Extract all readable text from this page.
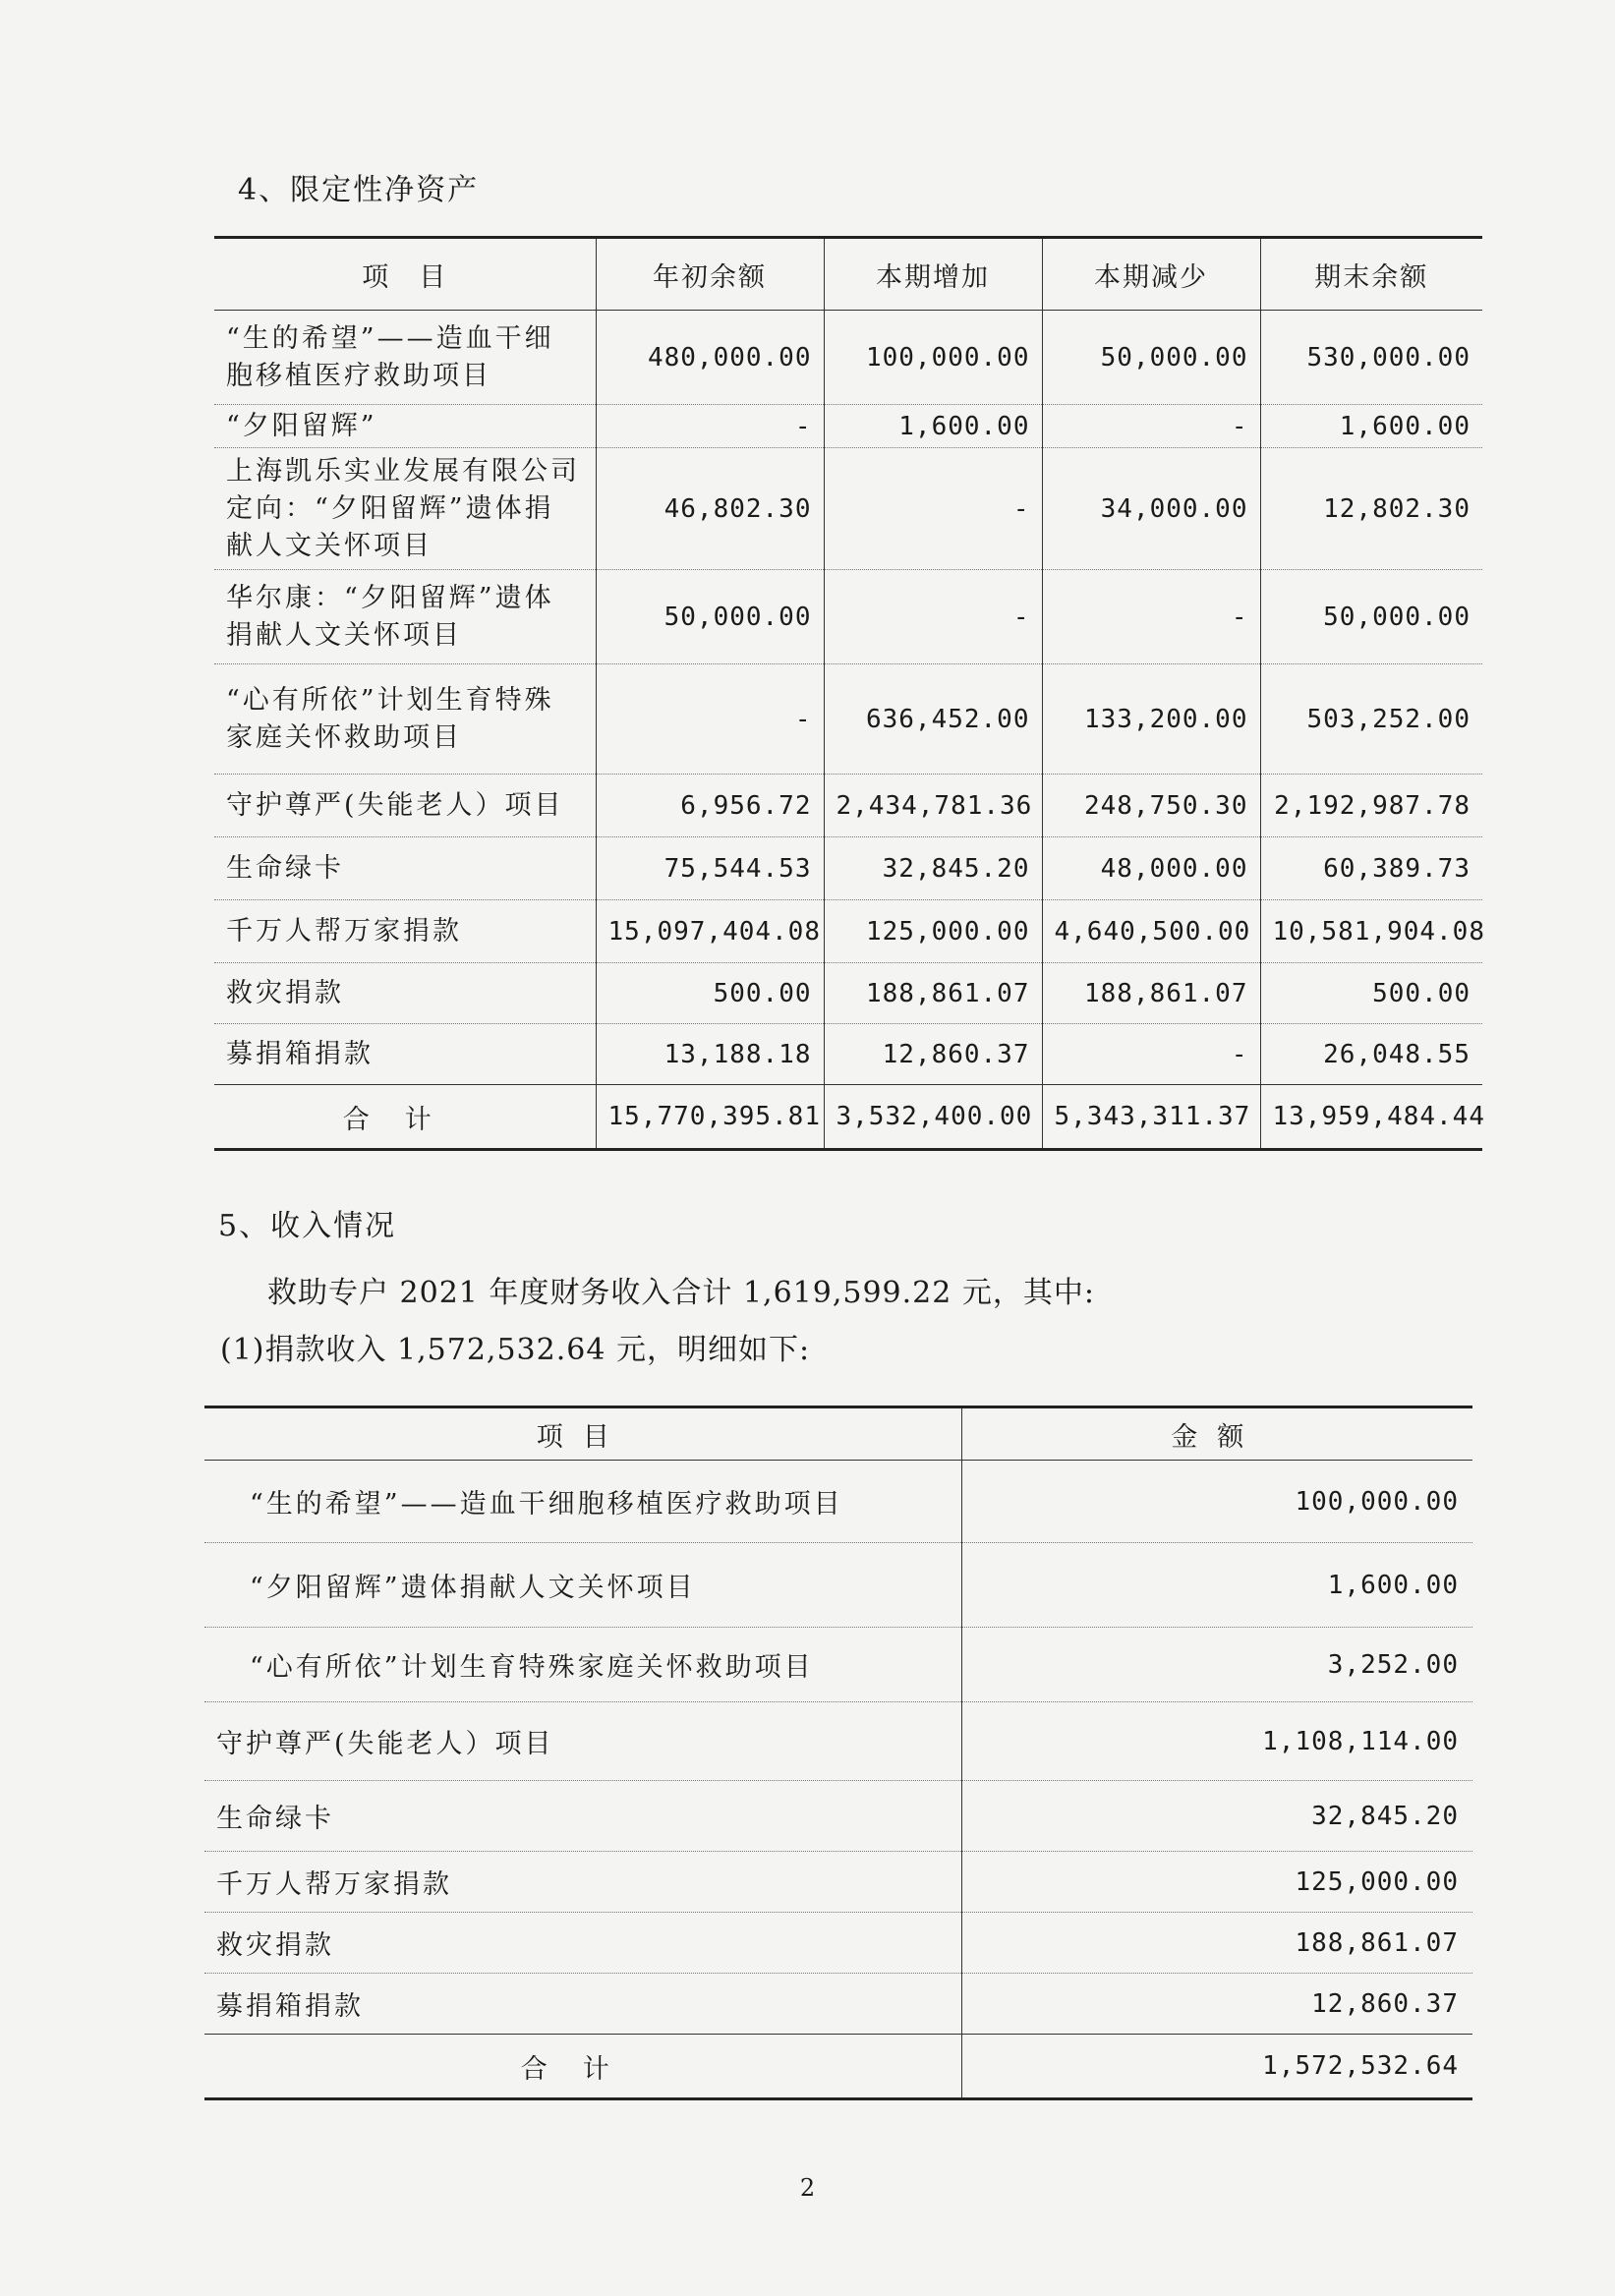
4、限定性净资产
项　目	年初余额	本期增加	本期减少	期末余额
“生的希望”——造血干细胞移植医疗救助项目	480,000.00	100,000.00	50,000.00	530,000.00
“夕阳留辉”	-	1,600.00	-	1,600.00
上海凯乐实业发展有限公司定向：“夕阳留辉”遗体捐献人文关怀项目	46,802.30	-	34,000.00	12,802.30
华尔康：“夕阳留辉”遗体捐献人文关怀项目	50,000.00	-	-	50,000.00
“心有所依”计划生育特殊家庭关怀救助项目	-	636,452.00	133,200.00	503,252.00
守护尊严(失能老人）项目	6,956.72	2,434,781.36	248,750.30	2,192,987.78
生命绿卡	75,544.53	32,845.20	48,000.00	60,389.73
千万人帮万家捐款	15,097,404.08	125,000.00	4,640,500.00	10,581,904.08
救灾捐款	500.00	188,861.07	188,861.07	500.00
募捐箱捐款	13,188.18	12,860.37	-	26,048.55
合计	15,770,395.81	3,532,400.00	5,343,311.37	13,959,484.44
5、收入情况
救助专户 2021 年度财务收入合计 1,619,599.22 元，其中:
(1)捐款收入 1,572,532.64 元，明细如下:
项目	金额
“生的希望”——造血干细胞移植医疗救助项目	100,000.00
“夕阳留辉”遗体捐献人文关怀项目	1,600.00
“心有所依”计划生育特殊家庭关怀救助项目	3,252.00
守护尊严(失能老人）项目	1,108,114.00
生命绿卡	32,845.20
千万人帮万家捐款	125,000.00
救灾捐款	188,861.07
募捐箱捐款	12,860.37
合计	1,572,532.64
2
